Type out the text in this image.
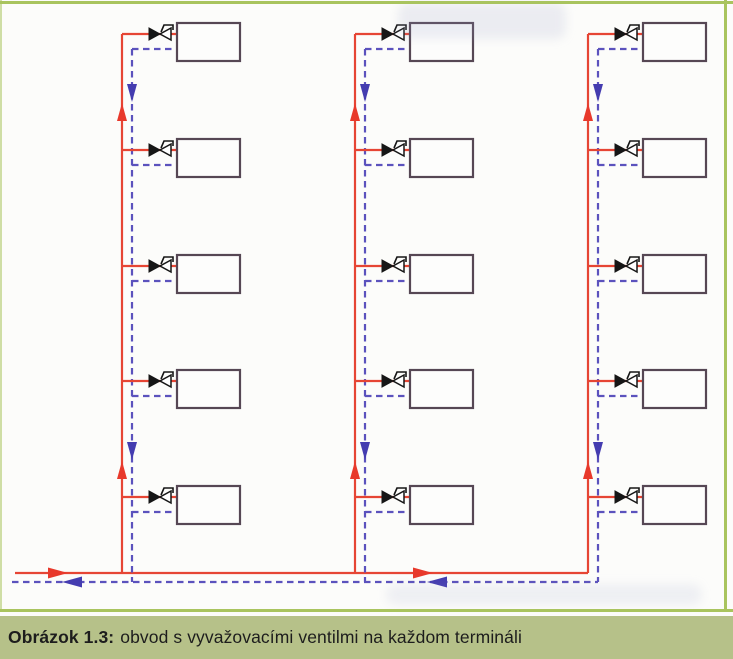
Obrázok 1.3: obvod s vyvažovacími ventilmi na každom termináli
